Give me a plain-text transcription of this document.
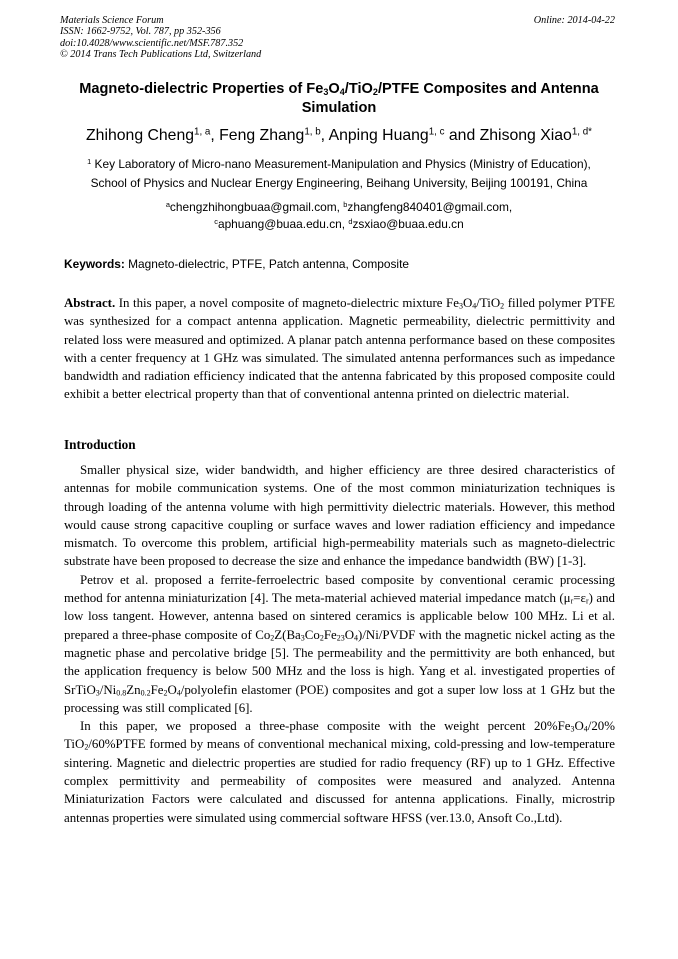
Materials Science Forum
ISSN: 1662-9752, Vol. 787, pp 352-356
doi:10.4028/www.scientific.net/MSF.787.352
© 2014 Trans Tech Publications Ltd, Switzerland
Online: 2014-04-22
Magneto-dielectric Properties of $Fe_3O_4/TiO_2$/PTFE Composites and Antenna Simulation
Zhihong Cheng$^{1, a}$, Feng Zhang$^{1, b}$, Anping Huang$^{1, c}$ and Zhisong Xiao$^{1, d*}$
$^1$ Key Laboratory of Micro-nano Measurement-Manipulation and Physics (Ministry of Education),
School of Physics and Nuclear Energy Engineering, Beihang University, Beijing 100191, China
$^a$chengzhihongbuaa@gmail.com, $^b$zhangfeng840401@gmail.com,
$^c$aphuang@buaa.edu.cn, $^d$zsxiao@buaa.edu.cn
Keywords: Magneto-dielectric, PTFE, Patch antenna, Composite
Abstract. In this paper, a novel composite of magneto-dielectric mixture $Fe_3O_4/TiO_2$ filled polymer PTFE was synthesized for a compact antenna application. Magnetic permeability, dielectric permittivity and related loss were measured and optimized. A planar patch antenna performance based on these composites with a center frequency at 1 GHz was simulated. The simulated antenna performances such as impedance bandwidth and radiation efficiency indicated that the antenna fabricated by this proposed composite could exhibit a better electrical property than that of conventional antenna printed on dielectric material.
Introduction

Smaller physical size, wider bandwidth, and higher efficiency are three desired characteristics of antennas for mobile communication systems. One of the most common miniaturization techniques is through loading of the antenna volume with high permittivity dielectric materials. However, this method would cause strong capacitive coupling or surface waves and lower radiation efficiency and impedance mismatch. To overcome this problem, artificial high-permeability materials such as magneto-dielectric substrate have been proposed to decrease the size and enhance the impedance bandwidth (BW) [1-3].

Petrov et al. proposed a ferrite-ferroelectric based composite by conventional ceramic processing method for antenna miniaturization [4]. The meta-material achieved material impedance match $(\mu_r=\varepsilon_r)$ and low loss tangent. However, antenna based on sintered ceramics is applicable below 100 MHz. Li et al. prepared a three-phase composite of $Co_2Z(Ba_3Co_2Fe_{23}O_4)/Ni$/PVDF with the magnetic nickel acting as the magnetic phase and percolative bridge [5]. The permeability and the permittivity are both enhanced, but the application frequency is below 500 MHz and the loss is high. Yang et al. investigated properties of $SrTiO_3/Ni_{0.8}Zn_{0.2}Fe_2O_4$/polyolefin elastomer (POE) composites and got a super low loss at 1 GHz but the processing was still complicated [6].

In this paper, we proposed a three-phase composite with the weight percent $20\%Fe_3O_4/20\%$ TiO$_2$/60%PTFE formed by means of conventional mechanical mixing, cold-pressing and low-temperature sintering. Magnetic and dielectric properties are studied for radio frequency (RF) up to 1 GHz. Effective complex permittivity and permeability of composites were measured and analyzed. Antenna Miniaturization Factors were calculated and discussed for antenna applications. Finally, microstrip antennas properties were simulated using commercial software HFSS (ver.13.0, Ansoft Co.,Ltd).
